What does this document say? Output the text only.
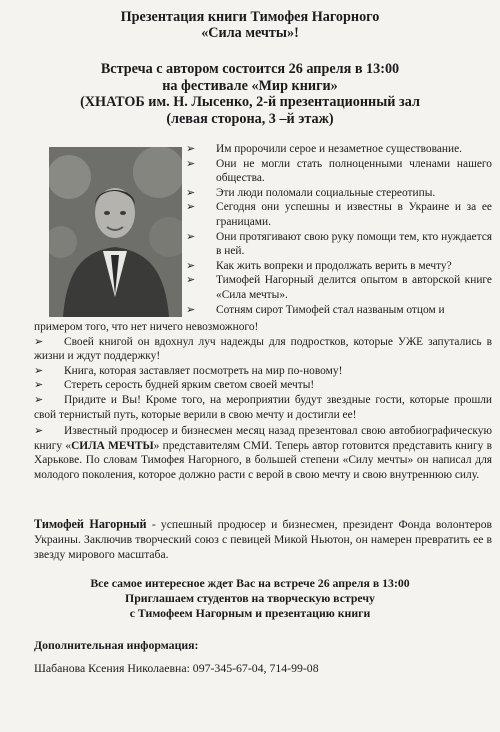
Презентация книги Тимофея Нагорного
«Сила мечты»!
Встреча с автором состоится 26 апреля в 13:00
на фестивале «Мир книги»
(ХНАТОБ им. Н. Лысенко, 2-й презентационный зал
(левая сторона, 3 –й этаж)
➢ Им пророчили серое и незаметное существование.
➢ Они не могли стать полноценными членами нашего общества.
➢ Эти люди поломали социальные стереотипы.
➢ Сегодня они успешны и известны в Украине и за ее границами.
➢ Они протягивают свою руку помощи тем, кто нуждается в ней.
➢ Как жить вопреки и продолжать верить в мечту?
➢ Тимофей Нагорный делится опытом в авторской книге «Сила мечты».
➢ Сотням сирот Тимофей стал названым отцом и
примером того, что нет ничего невозможного!
➢ Своей книгой он вдохнул луч надежды для подростков, которые УЖЕ запутались в жизни и ждут поддержку!
➢ Книга, которая заставляет посмотреть на мир по-новому!
➢ Стереть серость будней ярким светом своей мечты!
➢ Придите и Вы! Кроме того, на мероприятии будут звездные гости, которые прошли свой тернистый путь, которые верили в свою мечту и достигли ее!
➢ Известный продюсер и бизнесмен месяц назад презентовал свою автобиографическую книгу «СИЛА МЕЧТЫ» представителям СМИ. Теперь автор готовится представить книгу в Харькове. По словам Тимофея Нагорного, в большей степени «Силу мечты» он написал для молодого поколения, которое должно расти с верой в свою мечту и свою внутреннюю силу.
Тимофей Нагорный - успешный продюсер и бизнесмен, президент Фонда волонтеров Украины. Заключив творческий союз с певицей Микой Ньютон, он намерен превратить ее в звезду мирового масштаба.
Все самое интересное ждет Вас на встрече 26 апреля в 13:00
Приглашаем студентов на творческую встречу
с Тимофеем Нагорным и презентацию книги
Дополнительная информация:
Шабанова Ксения Николаевна: 097-345-67-04, 714-99-08
